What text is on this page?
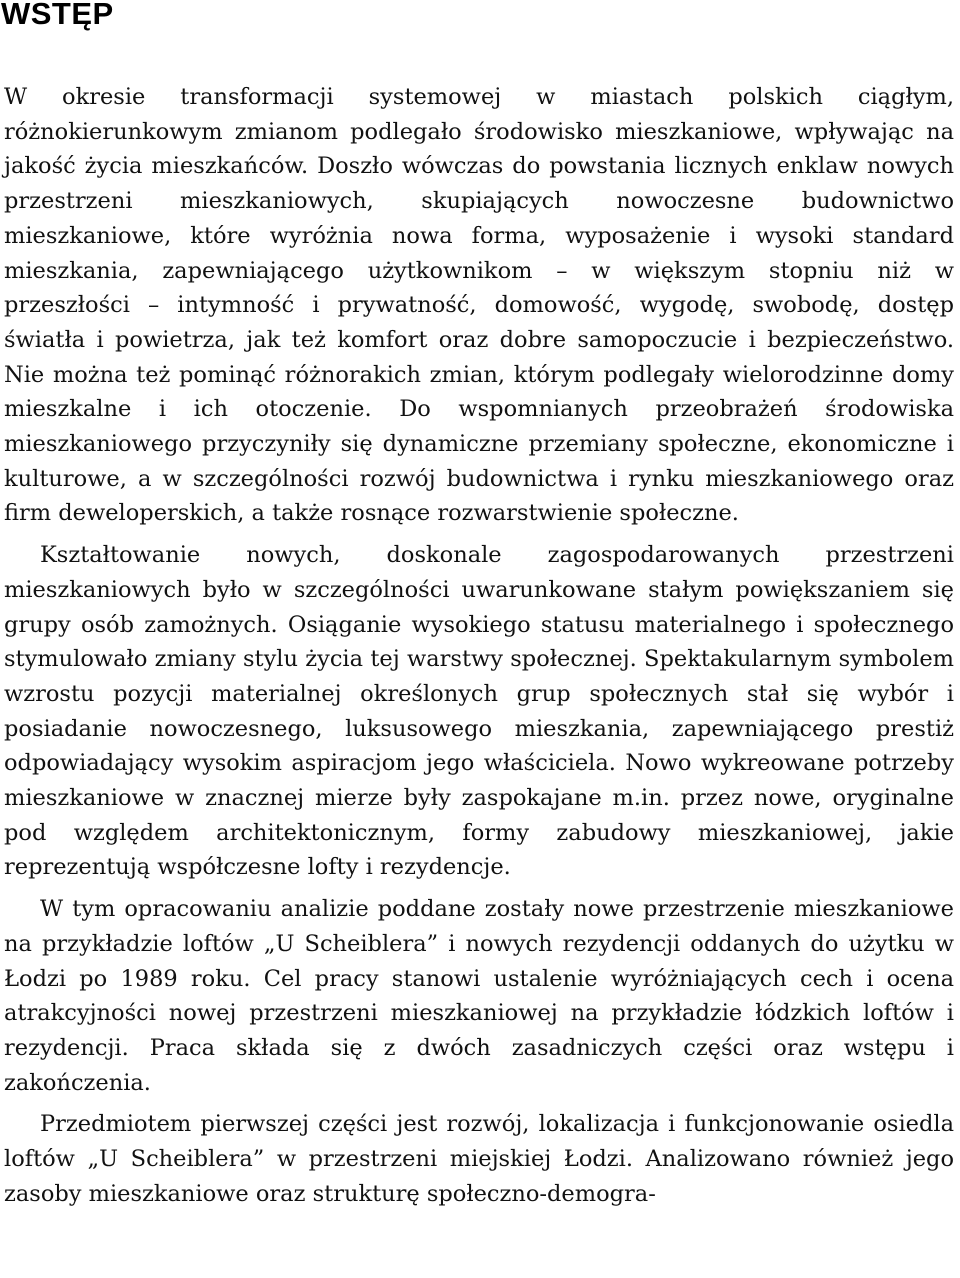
WSTĘP

W okresie transformacji systemowej w miastach polskich ciągłym, różnokierunkowym zmianom podlegało środowisko mieszkaniowe, wpływając na jakość życia mieszkańców. Doszło wówczas do powstania licznych enklaw nowych przestrzeni mieszkaniowych, skupiających nowoczesne budownictwo mieszkaniowe, które wyróżnia nowa forma, wyposażenie i wysoki standard mieszkania, zapewniającego użytkownikom – w większym stopniu niż w przeszłości – intymność i prywatność, domowość, wygodę, swobodę, dostęp światła i powietrza, jak też komfort oraz dobre samopoczucie i bezpieczeństwo. Nie można też pominąć różnorakich zmian, którym podlegały wielorodzinne domy mieszkalne i ich otoczenie. Do wspomnianych przeobrażeń środowiska mieszkaniowego przyczyniły się dynamiczne przemiany społeczne, ekonomiczne i kulturowe, a w szczególności rozwój budownictwa i rynku mieszkaniowego oraz firm deweloperskich, a także rosnące rozwarstwienie społeczne.

Kształtowanie nowych, doskonale zagospodarowanych przestrzeni mieszkaniowych było w szczególności uwarunkowane stałym powiększaniem się grupy osób zamożnych. Osiąganie wysokiego statusu materialnego i społecznego stymulowało zmiany stylu życia tej warstwy społecznej. Spektakularnym symbolem wzrostu pozycji materialnej określonych grup społecznych stał się wybór i posiadanie nowoczesnego, luksusowego mieszkania, zapewniającego prestiż odpowiadający wysokim aspiracjom jego właściciela. Nowo wykreowane potrzeby mieszkaniowe w znacznej mierze były zaspokajane m.in. przez nowe, oryginalne pod względem architektonicznym, formy zabudowy mieszkaniowej, jakie reprezentują współczesne lofty i rezydencje.

W tym opracowaniu analizie poddane zostały nowe przestrzenie mieszkaniowe na przykładzie loftów „U Scheiblera” i nowych rezydencji oddanych do użytku w Łodzi po 1989 roku. Cel pracy stanowi ustalenie wyróżniających cech i ocena atrakcyjności nowej przestrzeni mieszkaniowej na przykładzie łódzkich loftów i rezydencji. Praca składa się z dwóch zasadniczych części oraz wstępu i zakończenia.

Przedmiotem pierwszej części jest rozwój, lokalizacja i funkcjonowanie osiedla loftów „U Scheiblera” w przestrzeni miejskiej Łodzi. Analizowano również jego zasoby mieszkaniowe oraz strukturę społeczno-demogra-
